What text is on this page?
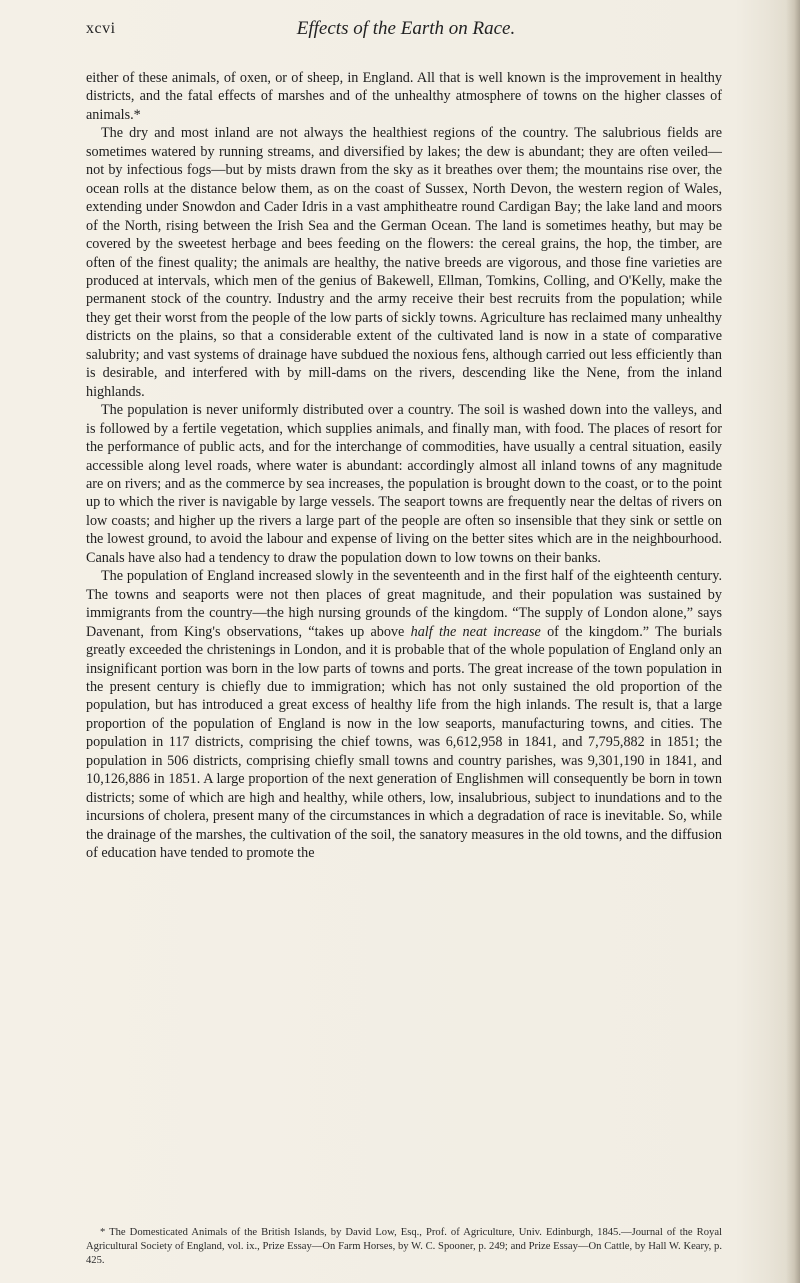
xcvi	Effects of the Earth on Race.

either of these animals, of oxen, or of sheep, in England. All that is well known is the improvement in healthy districts, and the fatal effects of marshes and of the unhealthy atmosphere of towns on the higher classes of animals.*

The dry and most inland are not always the healthiest regions of the country. The salubrious fields are sometimes watered by running streams, and diversified by lakes; the dew is abundant; they are often veiled—not by infectious fogs—but by mists drawn from the sky as it breathes over them; the mountains rise over, the ocean rolls at the distance below them, as on the coast of Sussex, North Devon, the western region of Wales, extending under Snowdon and Cader Idris in a vast amphitheatre round Cardigan Bay; the lake land and moors of the North, rising between the Irish Sea and the German Ocean. The land is sometimes heathy, but may be covered by the sweetest herbage and bees feeding on the flowers: the cereal grains, the hop, the timber, are often of the finest quality; the animals are healthy, the native breeds are vigorous, and those fine varieties are produced at intervals, which men of the genius of Bakewell, Ellman, Tomkins, Colling, and O'Kelly, make the permanent stock of the country. Industry and the army receive their best recruits from the population; while they get their worst from the people of the low parts of sickly towns. Agriculture has reclaimed many unhealthy districts on the plains, so that a considerable extent of the cultivated land is now in a state of comparative salubrity; and vast systems of drainage have subdued the noxious fens, although carried out less efficiently than is desirable, and interfered with by mill-dams on the rivers, descending like the Nene, from the inland highlands.

The population is never uniformly distributed over a country. The soil is washed down into the valleys, and is followed by a fertile vegetation, which supplies animals, and finally man, with food. The places of resort for the performance of public acts, and for the interchange of commodities, have usually a central situation, easily accessible along level roads, where water is abundant: accordingly almost all inland towns of any magnitude are on rivers; and as the commerce by sea increases, the population is brought down to the coast, or to the point up to which the river is navigable by large vessels. The seaport towns are frequently near the deltas of rivers on low coasts; and higher up the rivers a large part of the people are often so insensible that they sink or settle on the lowest ground, to avoid the labour and expense of living on the better sites which are in the neighbourhood. Canals have also had a tendency to draw the population down to low towns on their banks.

The population of England increased slowly in the seventeenth and in the first half of the eighteenth century. The towns and seaports were not then places of great magnitude, and their population was sustained by immigrants from the country—the high nursing grounds of the kingdom. “The supply of London alone,” says Davenant, from King's observations, “takes up above half the neat increase of the kingdom.” The burials greatly exceeded the christenings in London, and it is probable that of the whole population of England only an insignificant portion was born in the low parts of towns and ports. The great increase of the town population in the present century is chiefly due to immigration; which has not only sustained the old proportion of the population, but has introduced a great excess of healthy life from the high inlands. The result is, that a large proportion of the population of England is now in the low seaports, manufacturing towns, and cities. The population in 117 districts, comprising the chief towns, was 6,612,958 in 1841, and 7,795,882 in 1851; the population in 506 districts, comprising chiefly small towns and country parishes, was 9,301,190 in 1841, and 10,126,886 in 1851. A large proportion of the next generation of Englishmen will consequently be born in town districts; some of which are high and healthy, while others, low, insalubrious, subject to inundations and to the incursions of cholera, present many of the circumstances in which a degradation of race is inevitable. So, while the drainage of the marshes, the cultivation of the soil, the sanatory measures in the old towns, and the diffusion of education have tended to promote the

* The Domesticated Animals of the British Islands, by David Low, Esq., Prof. of Agriculture, Univ. Edinburgh, 1845.—Journal of the Royal Agricultural Society of England, vol. ix., Prize Essay—On Farm Horses, by W. C. Spooner, p. 249; and Prize Essay—On Cattle, by Hall W. Keary, p. 425.
